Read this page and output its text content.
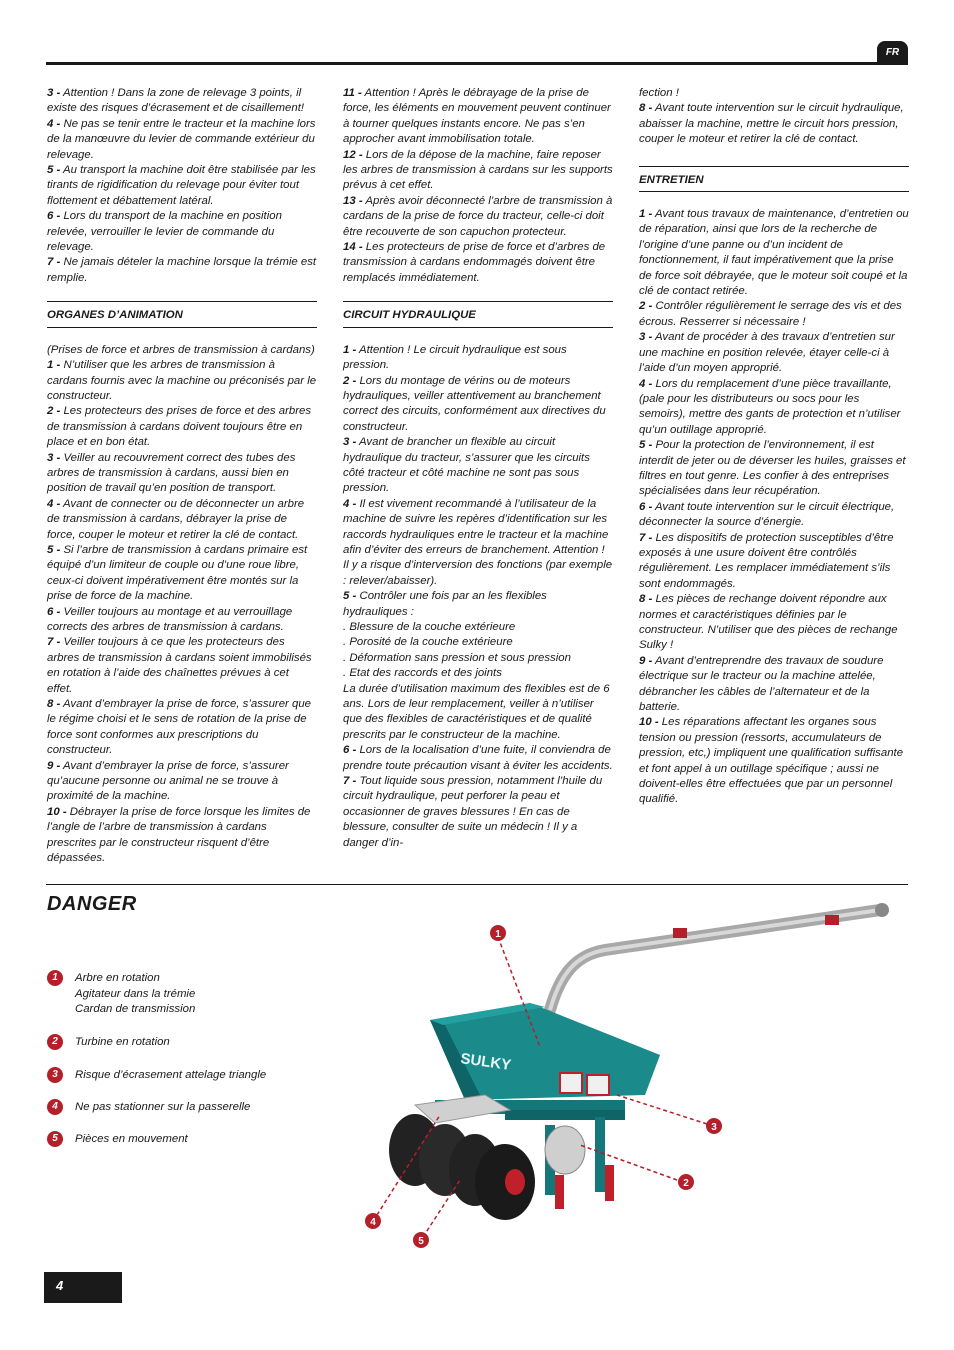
FR

3 - Attention ! Dans la zone de relevage 3 points, il existe des risques d’écrasement et de cisaillement!

4 - Ne pas se tenir entre le tracteur et la machine lors de la manœuvre du levier de commande extérieur du relevage.

5 - Au transport la machine doit être stabilisée par les tirants de rigidification du relevage pour éviter tout flottement et débattement latéral.

6 - Lors du transport de la machine en position relevée, verrouiller le levier de commande du relevage.

7 - Ne jamais dételer la machine lorsque la trémie est remplie.

ORGANES D’ANIMATION

(Prises de force et arbres de transmission à cardans)

1 - N’utiliser que les arbres de transmission à cardans fournis avec la machine ou préconisés par le constructeur.

2 - Les protecteurs des prises de force et des arbres de transmission à cardans doivent toujours être en place et en bon état.

3 - Veiller au recouvrement correct des tubes des arbres de transmission à cardans, aussi bien en position de travail qu’en position de transport.

4 - Avant de connecter ou de déconnecter un arbre de transmission à cardans, débrayer la prise de force, couper le moteur et retirer la clé de contact.

5 - Si l’arbre de transmission à cardans primaire est équipé d’un limiteur de couple ou d’une roue libre, ceux-ci doivent impérativement être montés sur la prise de force de la machine.

6 - Veiller toujours au montage et au verrouillage corrects des arbres de transmission à cardans.

7 - Veiller toujours à ce que les protecteurs des arbres de transmission à cardans soient immobilisés en rotation à l’aide des chaînettes prévues à cet effet.

8 - Avant d’embrayer la prise de force, s’assurer que le régime choisi et le sens de rotation de la prise de force sont conformes aux prescriptions du constructeur.

9 - Avant d’embrayer la prise de force, s’assurer qu’aucune personne ou animal ne se trouve à proximité de la machine.

10 - Débrayer la prise de force lorsque les limites de l’angle de l’arbre de transmission à cardans prescrites par le constructeur risquent d’être dépassées.

11 - Attention ! Après le débrayage de la prise de force, les éléments en mouvement peuvent continuer à tourner quelques instants encore. Ne pas s’en approcher avant immobilisation totale.

12 - Lors de la dépose de la machine, faire reposer les arbres de transmission à cardans sur les supports prévus à cet effet.

13 - Après avoir déconnecté l’arbre de transmission à cardans de la prise de force du tracteur, celle-ci doit être recouverte de son capuchon protecteur.

14 - Les protecteurs de prise de force et d’arbres de transmission à cardans endommagés doivent être remplacés immédiatement.

CIRCUIT HYDRAULIQUE

1 - Attention ! Le circuit hydraulique est sous pression.

2 - Lors du montage de vérins ou de moteurs hydrauliques, veiller attentivement au branchement correct des circuits, conformément aux directives du constructeur.

3 - Avant de brancher un flexible au circuit hydraulique du tracteur, s’assurer que les circuits côté tracteur et côté machine ne sont pas sous pression.

4 - Il est vivement recommandé à l’utilisateur de la machine de suivre les repères d’identification sur les raccords hydrauliques entre le tracteur et la machine afin d’éviter des erreurs de branchement. Attention ! Il y a risque d’interversion des fonctions (par exemple : relever/abaisser).

5 - Contrôler une fois par an les flexibles hydrauliques :

. Blessure de la couche extérieure

. Porosité de la couche extérieure

. Déformation sans pression et sous pression

. Etat des raccords et des joints

La durée d’utilisation maximum des flexibles est de 6 ans. Lors de leur remplacement, veiller à n’utiliser que des flexibles de caractéristiques et de qualité prescrits par le constructeur de la machine.

6 - Lors de la localisation d’une fuite, il conviendra de prendre toute précaution visant à éviter les accidents.

7 - Tout liquide sous pression, notamment l’huile du circuit hydraulique, peut perforer la peau et occasionner de graves blessures ! En cas de blessure, consulter de suite un médecin ! Il y a danger d’in-

fection !

8 - Avant toute intervention sur le circuit hydraulique, abaisser la machine, mettre le circuit hors pression, couper le moteur et retirer la clé de contact.

ENTRETIEN

1 - Avant tous travaux de maintenance, d’entretien ou de réparation, ainsi que lors de la recherche de l’origine d’une panne ou d’un incident de fonctionnement, il faut impérativement que la prise de force soit débrayée, que le moteur soit coupé et la clé de contact retirée.

2 - Contrôler régulièrement le serrage des vis et des écrous. Resserrer si nécessaire !

3 - Avant de procéder à des travaux d’entretien sur une machine en position relevée, étayer celle-ci à l’aide d’un moyen approprié.

4 - Lors du remplacement d’une pièce travaillante, (pale pour les distributeurs ou socs pour les semoirs), mettre des gants de protection et n’utiliser qu’un outillage approprié.

5 - Pour la protection de l’environnement, il est interdit de jeter ou de déverser les huiles, graisses et filtres en tout genre. Les confier à des entreprises spécialisées dans leur récupération.

6 - Avant toute intervention sur le circuit électrique, déconnecter la source d’énergie.

7 - Les dispositifs de protection susceptibles d’être exposés à une usure doivent être contrôlés régulièrement. Les remplacer immédiatement s’ils sont endommagés.

8 - Les pièces de rechange doivent répondre aux normes et caractéristiques définies par le constructeur. N’utiliser que des pièces de rechange Sulky !

9 - Avant d’entreprendre des travaux de soudure électrique sur le tracteur ou la machine attelée, débrancher les câbles de l’alternateur et de la batterie.

10 - Les réparations affectant les organes sous tension ou pression (ressorts, accumulateurs de pression, etc,) impliquent une qualification suffisante et font appel à un outillage spécifique ; aussi ne doivent-elles être effectuées que par un personnel qualifié.

DANGER
1	Arbre en rotation
Agitateur dans la trémie
Cardan de transmission
2	Turbine en rotation
3	Risque d’écrasement attelage triangle
4	Ne pas stationner sur la passerelle
5	Pièces en mouvement
SULKY
1
2
3
4
5
4
